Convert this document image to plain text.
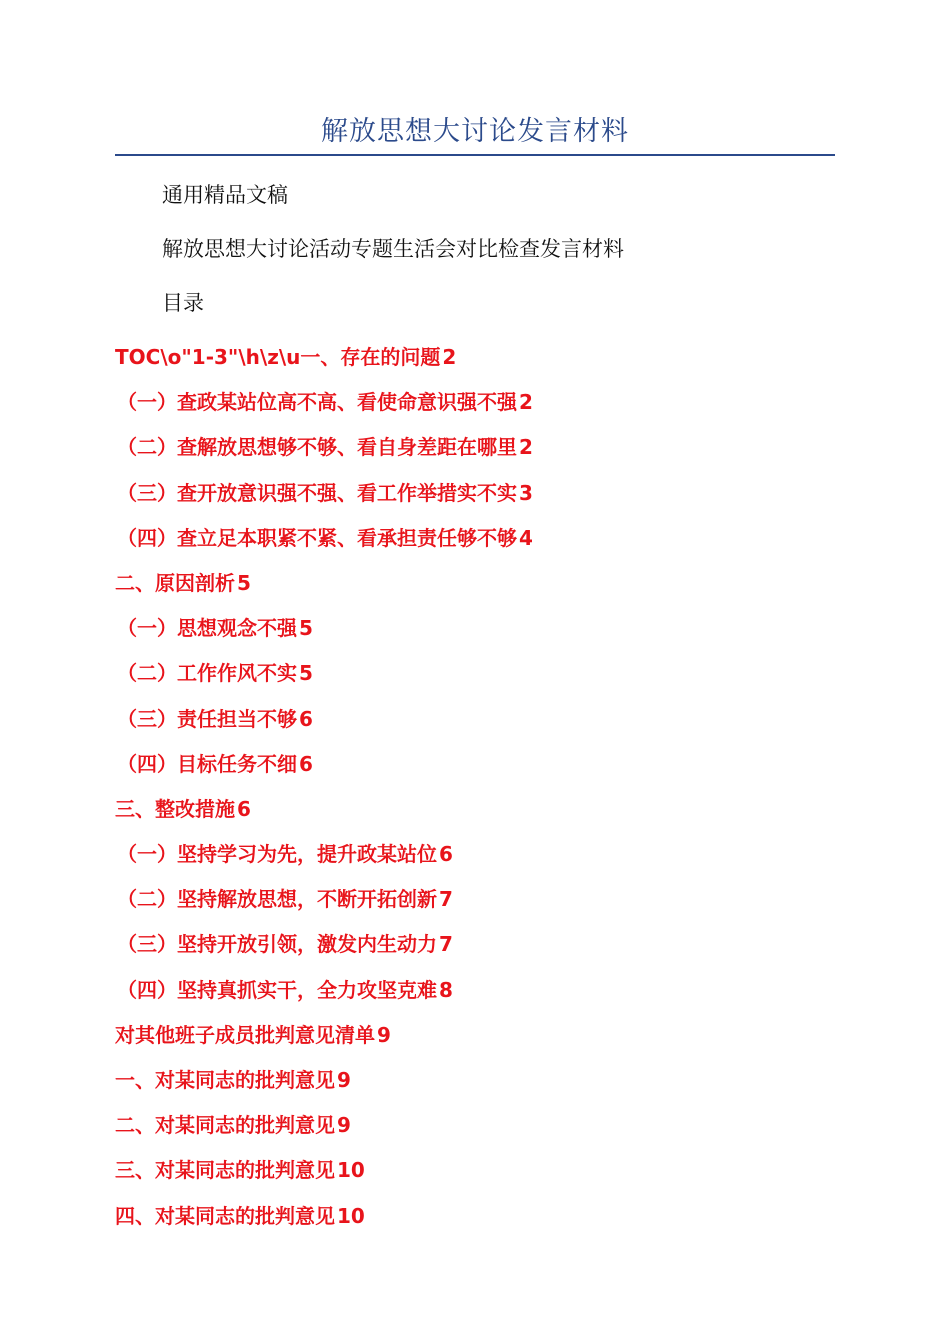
解放思想大讨论发言材料
通用精品文稿
解放思想大讨论活动专题生活会对比检查发言材料
目录
TOC\o"1-3"\h\z\u一、存在的问题 2
（一）查政某站位高不高、看使命意识强不强 2
（二）查解放思想够不够、看自身差距在哪里 2
（三）查开放意识强不强、看工作举措实不实 3
（四）查立足本职紧不紧、看承担责任够不够 4
二、原因剖析 5
（一）思想观念不强 5
（二）工作作风不实 5
（三）责任担当不够 6
（四）目标任务不细 6
三、整改措施 6
（一）坚持学习为先，提升政某站位 6
（二）坚持解放思想，不断开拓创新 7
（三）坚持开放引领，激发内生动力 7
（四）坚持真抓实干，全力攻坚克难 8
对其他班子成员批判意见清单 9
一、对某同志的批判意见 9
二、对某同志的批判意见 9
三、对某同志的批判意见 10
四、对某同志的批判意见 10
